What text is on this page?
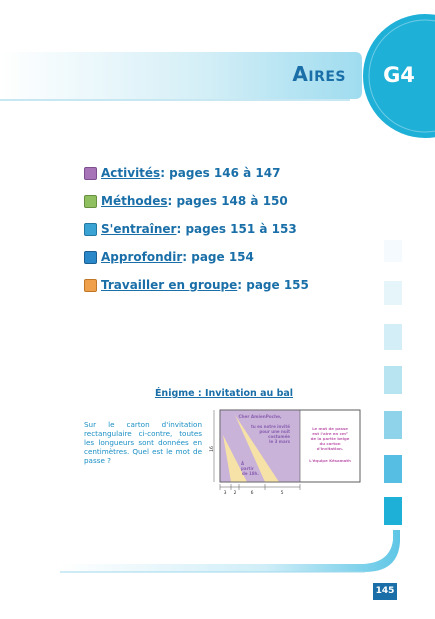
Aires	G4
Activités : pages 146 à 147
Méthodes : pages 148 à 150
S'entraîner : pages 151 à 153
Approfondir : page 154
Travailler en groupe : page 155
Énigme : Invitation au bal
Sur le carton d'invitation rectangulaire ci-contre, toutes les longueurs sont données en centimètres. Quel est le mot de passe ?
Cher AmienPoche,
tu es notre invité
pour une nuit
costumée
le 3 mars
À
partir
de 18h.
Le mot de passe
est l'aire en cm²
de la partie beige
du carton
d'invitation.
L'équipe Késamath
16
3 2	6	5
145
